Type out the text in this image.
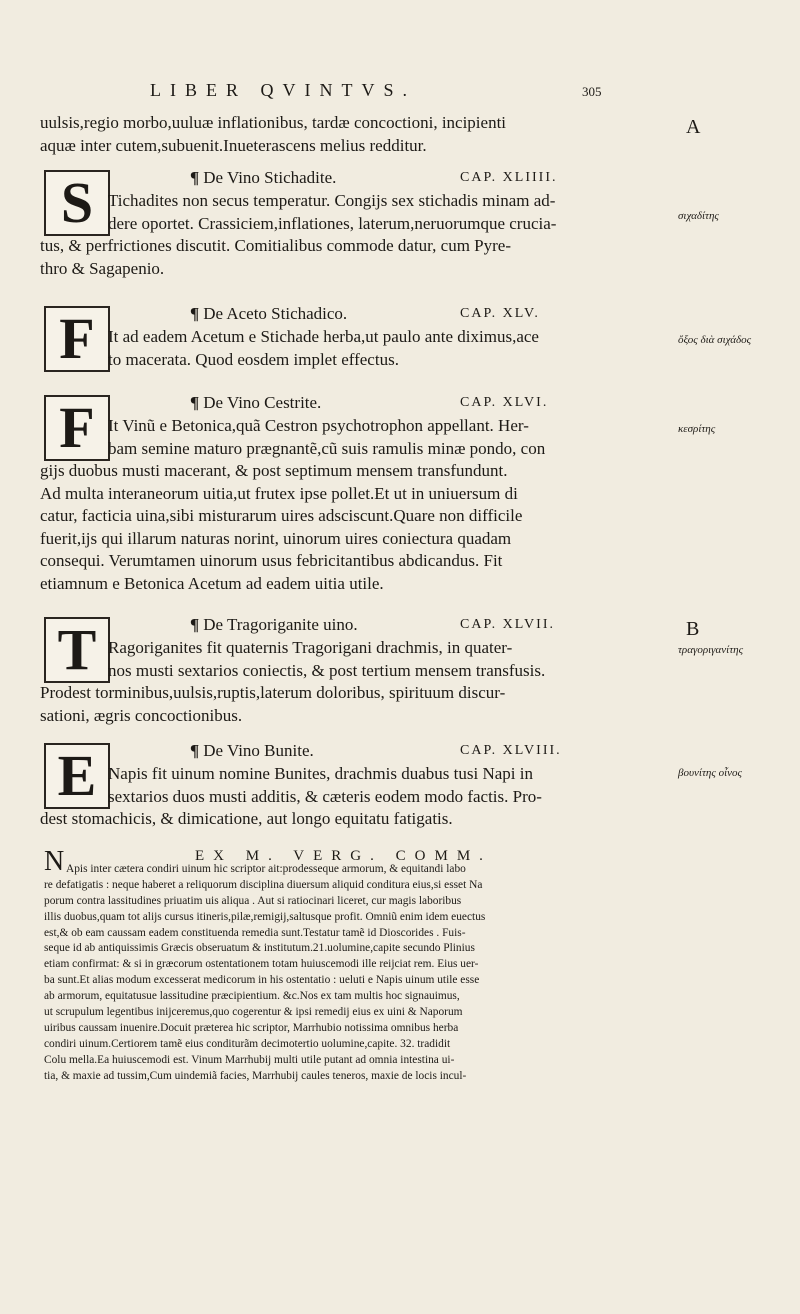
LIBER QVINTVS.	305
A
B
σιχαδίτης
ὄξος διὰ σιχάδος
κεσρίτης
τραγοριγανίτης
βουνίτης οἶνος
uulsis,regio morbo,uuluæ inflationibus, tardæ concoctioni, incipienti
aquæ inter cutem,subuenit.Inueterascens melius redditur.
S	¶ De Vino Stichadite.	CAP. XLIIII.
Tichadites non secus temperatur. Congijs sex stichadis minam ad-
dere oportet. Crassiciem,inflationes, laterum,neruorumque crucia-
tus, & perfrictiones discutit. Comitialibus commode datur, cum Pyre-
thro & Sagapenio.
F	¶ De Aceto Stichadico.	CAP. XLV.
It ad eadem Acetum e Stichade herba,ut paulo ante diximus,ace
to macerata. Quod eosdem implet effectus.
F	¶ De Vino Cestrite.	CAP. XLVI.
It Vinũ e Betonica,quã Cestron psychotrophon appellant. Her-
bam semine maturo prægnantẽ,cũ suis ramulis minæ pondo, con
gijs duobus musti macerant, & post septimum mensem transfundunt.
Ad multa interaneorum uitia,ut frutex ipse pollet.Et ut in uniuersum di
catur, facticia uina,sibi misturarum uires adsciscunt.Quare non difficile
fuerit,ijs qui illarum naturas norint, uinorum uires coniectura quadam
consequi. Verumtamen uinorum usus febricitantibus abdicandus. Fit
etiamnum e Betonica Acetum ad eadem uitia utile.
T	¶ De Tragoriganite uino.	CAP. XLVII.
Ragoriganites fit quaternis Tragorigani drachmis, in quater-
nos musti sextarios coniectis, & post tertium mensem transfusis.
Prodest torminibus,uulsis,ruptis,laterum doloribus, spirituum discur-
sationi, ægris concoctionibus.
E	¶ De Vino Bunite.	CAP. XLVIII.
Napis fit uinum nomine Bunites, drachmis duabus tusi Napi in
sextarios duos musti additis, & cæteris eodem modo factis. Pro-
dest stomachicis, & dimicatione, aut longo equitatu fatigatis.
EX M. VERG. COMM.
N Apis inter cætera condiri uinum hic scriptor ait:prodesseque armorum, & equitandi labo
re defatigatis : neque haberet a reliquorum disciplina diuersum aliquid conditura eius,si esset Na
porum contra lassitudines priuatim uis aliqua . Aut si ratiocinari liceret, cur magis laboribus
illis duobus,quam tot alijs cursus itineris,pilæ,remigij,saltusque profit. Omniũ enim idem euectus
est,& ob eam caussam eadem constituenda remedia sunt.Testatur tamẽ id Dioscorides . Fuis-
seque id ab antiquissimis Græcis obseruatum & institutum.21.uolumine,capite secundo Plinius
etiam confirmat: & si in græcorum ostentationem totam huiuscemodi ille reijciat rem. Eius uer-
ba sunt.Et alias modum excesserat medicorum in his ostentatio : ueluti e Napis uinum utile esse
ab armorum, equitatusue lassitudine præcipientium. &c.Nos ex tam multis hoc signauimus,
ut scrupulum legentibus inijceremus,quo cogerentur & ipsi remedij eius ex uini & Naporum
uiribus caussam inuenire.Docuit præterea hic scriptor, Marrhubio notissima omnibus herba
condiri uinum.Certiorem tamẽ eius conditurãm decimotertio uolumine,capite. 32. tradidit
Colu mella.Ea huiuscemodi est. Vinum Marrhubij multi utile putant ad omnia intestina ui-
tia, & maxie ad tussim,Cum uindemiã facies, Marrhubij caules teneros, maxie de locis incul-
